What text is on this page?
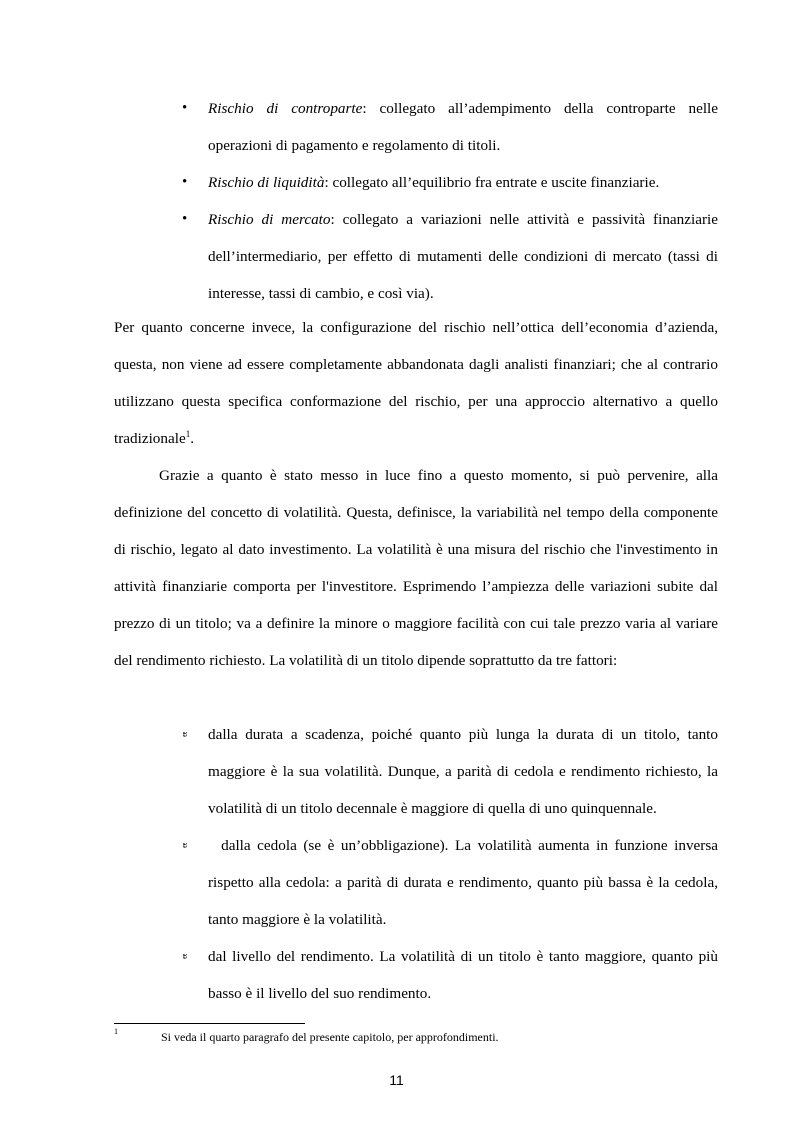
• Rischio di controparte: collegato all’adempimento della controparte nelle operazioni di pagamento e regolamento di titoli.
• Rischio di liquidità: collegato all’equilibrio fra entrate e uscite finanziarie.
• Rischio di mercato: collegato a variazioni nelle attività e passività finanziarie dell’intermediario, per effetto di mutamenti delle condizioni di mercato (tassi di interesse, tassi di cambio, e così via).
Per quanto concerne invece, la configurazione del rischio nell’ottica dell’economia d’azienda, questa, non viene ad essere completamente abbandonata dagli analisti finanziari; che al contrario utilizzano questa specifica conformazione del rischio, per una approccio alternativo a quello tradizionale$^1$.
Grazie a quanto è stato messo in luce fino a questo momento, si può pervenire, alla definizione del concetto di volatilità. Questa, definisce, la variabilità nel tempo della componente di rischio, legato al dato investimento. La volatilità è una misura del rischio che l'investimento in attività finanziarie comporta per l'investitore. Esprimendo l’ampiezza delle variazioni subite dal prezzo di un titolo; va a definire la minore o maggiore facilità con cui tale prezzo varia al variare del rendimento richiesto. La volatilità di un titolo dipende soprattutto da tre fattori:
ะ dalla durata a scadenza, poiché quanto più lunga la durata di un titolo, tanto maggiore è la sua volatilità. Dunque, a parità di cedola e rendimento richiesto, la volatilità di un titolo decennale è maggiore di quella di uno quinquennale.
ะ dalla cedola (se è un’obbligazione). La volatilità aumenta in funzione inversa rispetto alla cedola: a parità di durata e rendimento, quanto più bassa è la cedola, tanto maggiore è la volatilità.
ะ dal livello del rendimento. La volatilità di un titolo è tanto maggiore, quanto più basso è il livello del suo rendimento.
1	Si veda il quarto paragrafo del presente capitolo, per approfondimenti.
11
